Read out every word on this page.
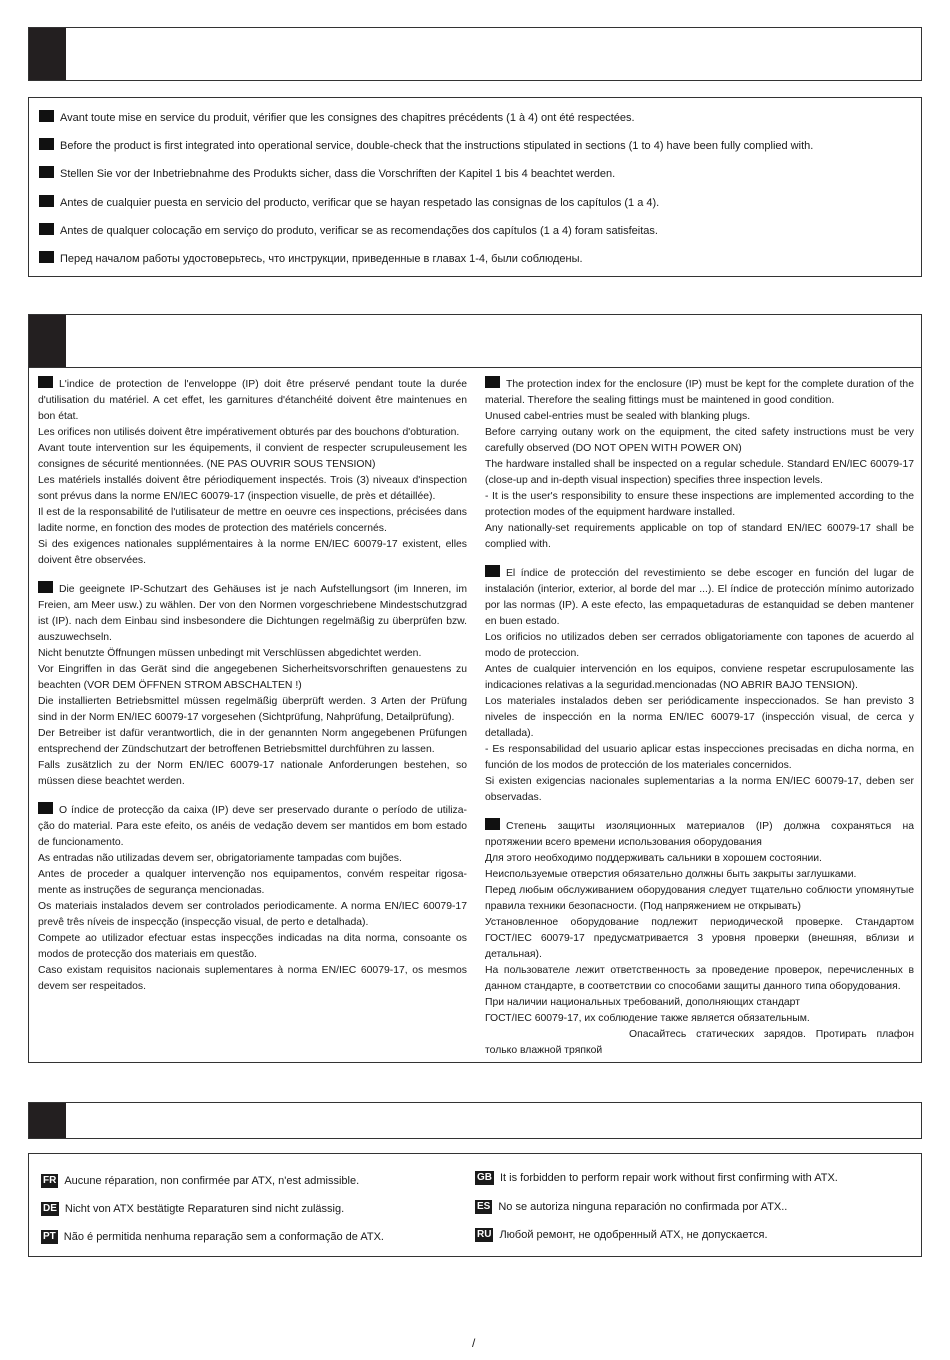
Avant toute mise en service du produit, vérifier que les consignes des chapitres précédents (1 à 4) ont été respectées.
Before the product is first integrated into operational service, double-check that the instructions stipulated in sections (1 to 4) have been fully complied with.
Stellen Sie vor der Inbetriebnahme des Produkts sicher, dass die Vorschriften der Kapitel 1 bis 4 beachtet werden.
Antes de cualquier puesta en servicio del producto, verificar que se hayan respetado las consignas de los capítulos (1 a 4).
Antes de qualquer colocação em serviço do produto, verificar se as recomendações dos capítulos (1 a 4) foram satisfeitas.
Перед началом работы удостоверьтесь, что инструкции, приведенные в главах 1-4, были соблюдены.
L'indice de protection de l'enveloppe (IP) doit être préservé pendant toute la durée d'utilisation du matériel. A cet effet, les garnitures d'étanchéité doivent être maintenues en bon état.
Les orifices non utilisés doivent être impérativement obturés par des bouchons d'obturation.
Avant toute intervention sur les équipements, il convient de respecter scrupuleusement les consignes de sécurité mentionnées. (NE PAS OUVRIR SOUS TENSION)
Les matériels installés doivent être périodiquement inspectés. Trois (3) niveaux d'inspection sont prévus dans la norme EN/IEC 60079-17 (inspection visuelle, de près et détaillée).
Il est de la responsabilité de l'utilisateur de mettre en oeuvre ces inspections, précisées dans ladite norme, en fonction des modes de protection des matériels concernés.
Si des exigences nationales supplémentaires à la norme EN/IEC 60079-17 existent, elles doivent être observées.
Die geeignete IP-Schutzart des Gehäuses ist je nach Aufstellungsort (im Inneren, im Freien, am Meer usw.) zu wählen. Der von den Normen vorgeschriebene Mindestschutzgrad ist (IP). nach dem Einbau sind insbesondere die Dichtungen regelmäßig zu überprüfen bzw. auszuwechseln.
Nicht benutzte Öffnungen müssen unbedingt mit Verschlüssen abgedichtet werden.
Vor Eingriffen in das Gerät sind die angegebenen Sicherheitsvorschriften genauestens zu beachten (VOR DEM ÖFFNEN STROM ABSCHALTEN !)
Die installierten Betriebsmittel müssen regelmäßig überprüft werden. 3 Arten der Prüfung sind in der Norm EN/IEC 60079-17 vorgesehen (Sichtprüfung, Nahprüfung, Detailprüfung).
Der Betreiber ist dafür verantwortlich, die in der genannten Norm angegebenen Prüfungen entsprechend der Zündschutzart der betroffenen Betriebsmittel durchführen zu lassen.
Falls zusätzlich zu der Norm EN/IEC 60079-17 nationale Anforderungen bestehen, so müssen diese beachtet werden.
O índice de protecção da caixa (IP) deve ser preservado durante o período de utiliza-ção do material. Para este efeito, os anéis de vedação devem ser mantidos em bom estado de funcionamento.
As entradas não utilizadas devem ser, obrigatoriamente tampadas com bujões.
Antes de proceder a qualquer intervenção nos equipamentos, convém respeitar rigosa-mente as instruções de segurança mencionadas.
Os materiais instalados devem ser controlados periodicamente. A norma EN/IEC 60079-17 prevê três níveis de inspecção (inspecção visual, de perto e detalhada).
Compete ao utilizador efectuar estas inspecções indicadas na dita norma, consoante os modos de protecção dos materiais em questão.
Caso existam requisitos nacionais suplementares à norma EN/IEC 60079-17, os mesmos devem ser respeitados.
The protection index for the enclosure (IP) must be kept for the complete duration of the material. Therefore the sealing fittings must be maintened in good condition.
Unused cabel-entries must be sealed with blanking plugs.
Before carrying outany work on the equipment, the cited safety instructions must be very carefully observed (DO NOT OPEN WITH POWER ON)
The hardware installed shall be inspected on a regular schedule. Standard EN/IEC 60079-17 (close-up and in-depth visual inspection) specifies three inspection levels.
- It is the user's responsibility to ensure these inspections are implemented according to the protection modes of the equipment hardware installed.
Any nationally-set requirements applicable on top of standard EN/IEC 60079-17 shall be complied with.
El índice de protección del revestimiento se debe escoger en función del lugar de instalación (interior, exterior, al borde del mar ...). El índice de protección mínimo autorizado por las normas (IP). A este efecto, las empaquetaduras de estanquidad se deben mantener en buen estado.
Los orificios no utilizados deben ser cerrados obligatoriamente con tapones de acuerdo al modo de proteccion.
Antes de cualquier intervención en los equipos, conviene respetar escrupulosamente las indicaciones relativas a la seguridad.mencionadas (NO ABRIR BAJO TENSION).
Los materiales instalados deben ser periódicamente inspeccionados. Se han previsto 3 niveles de inspección en la norma EN/IEC 60079-17 (inspección visual, de cerca y detallada).
- Es responsabilidad del usuario aplicar estas inspecciones precisadas en dicha norma, en función de los modos de protección de los materiales concernidos.
Si existen exigencias nacionales suplementarias a la norma EN/IEC 60079-17, deben ser observadas.
Степень защиты изоляционных материалов (IP) должна сохраняться на протяжении всего времени использования оборудования
Для этого необходимо поддерживать сальники в хорошем состоянии.
Неиспользуемые отверстия обязательно должны быть закрыты заглушками.
Перед любым обслуживанием оборудования следует тщательно соблюсти упомянутые правила техники безопасности. (Под напряжением не открывать)
Установленное оборудование подлежит периодической проверке. Стандартом ГОСТ/IEC 60079-17 предусматривается 3 уровня проверки (внешняя, вблизи и детальная).
На пользователе лежит ответственность за проведение проверок, перечисленных в данном стандарте, в соответствии со способами защиты данного типа оборудования.
При наличии национальных требований, дополняющих стандарт
ГОСТ/IEC 60079-17, их соблюдение также является обязательным.
Опасайтесь статических зарядов. Протирать плафон только влажной тряпкой
FR Aucune réparation, non confirmée par ATX, n'est admissible.
DE Nicht von ATX bestätigte Reparaturen sind nicht zulässig.
PT Não é permitida nenhuma reparação sem a conformação de ATX.
GB It is forbidden to perform repair work without first confirming with ATX.
ES No se autoriza ninguna reparación no confirmada por ATX..
RU Любой ремонт, не одобренный ATX, не допускается.
/
